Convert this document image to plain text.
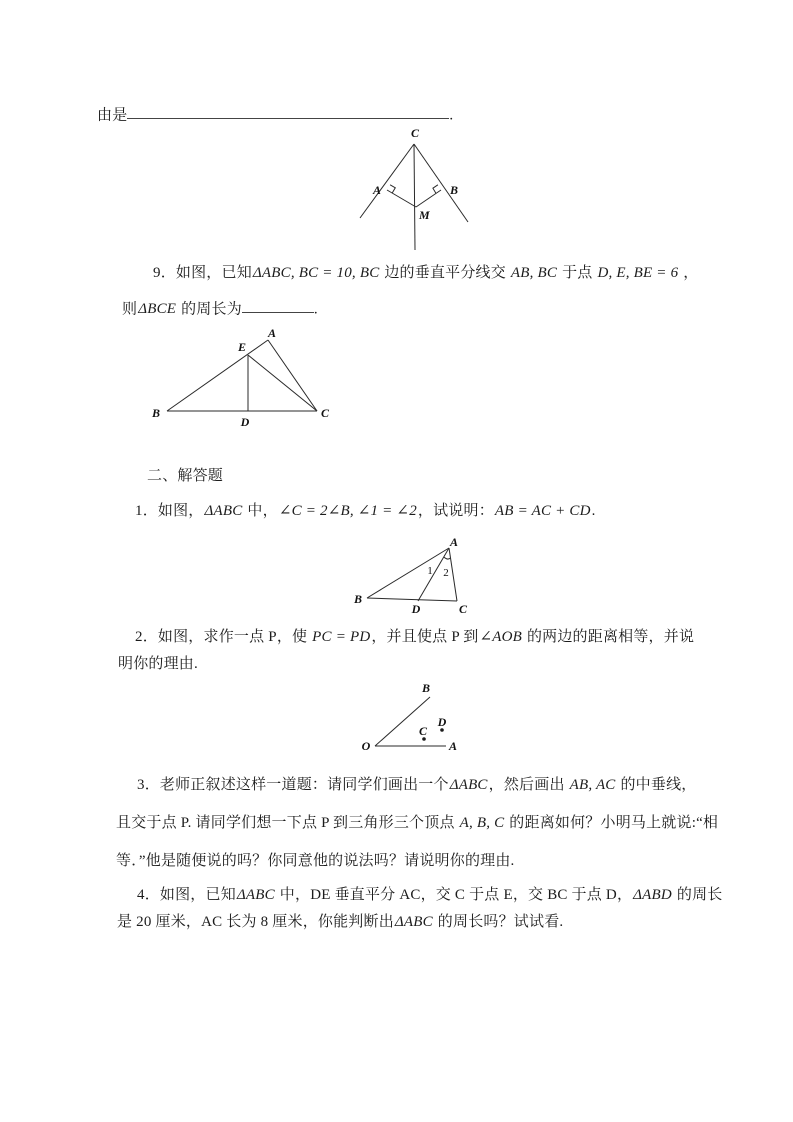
由是	.
C
A	B
M
9．如图，已知ΔABC, BC = 10, BC 边的垂直平分线交 AB, BC 于点 D, E, BE = 6 ，
则ΔBCE 的周长为	.
A
E
B
D
C
二、解答题
1．如图，ΔABC 中，∠C = 2∠B, ∠1 = ∠2，试说明：AB = AC + CD.
A
B
D	C
1 2
2．如图，求作一点 P，使 PC = PD，并且使点 P 到∠AOB 的两边的距离相等，并说
明你的理由.
O	A
B
C
D
3．老师正叙述这样一道题：请同学们画出一个ΔABC，然后画出 AB, AC 的中垂线，
且交于点 P. 请同学们想一下点 P 到三角形三个顶点 A, B, C 的距离如何？小明马上就说:“相
等．”他是随便说的吗？你同意他的说法吗？请说明你的理由.
4．如图，已知ΔABC 中，DE 垂直平分 AC，交 C 于点 E，交 BC 于点 D，ΔABD 的周长
是 20 厘米，AC 长为 8 厘米，你能判断出ΔABC 的周长吗？试试看.
